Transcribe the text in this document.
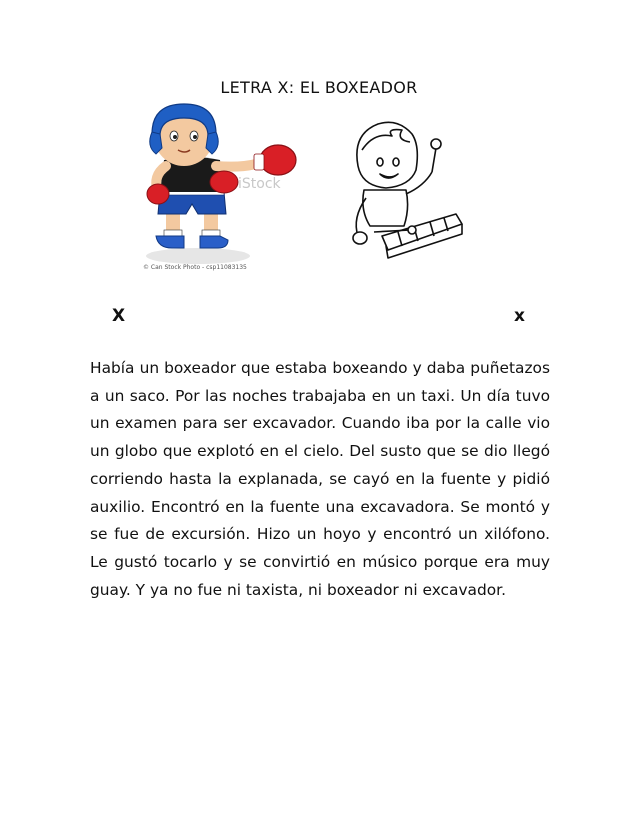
LETRA X: EL BOXEADOR
iStock
© Can Stock Photo - csp11083135
X	x

Había un boxeador que estaba boxeando y daba puñetazos a un saco. Por las noches trabajaba en un taxi. Un día tuvo un examen para ser excavador. Cuando iba por la calle vio un globo que explotó en el cielo. Del susto que se dio llegó corriendo hasta la explanada, se cayó en la fuente y pidió auxilio. Encontró en la fuente una excavadora. Se montó y se fue de excursión. Hizo un hoyo y encontró un xilófono. Le gustó tocarlo y se convirtió en músico porque era muy guay. Y ya no fue ni taxista, ni boxeador ni excavador.
